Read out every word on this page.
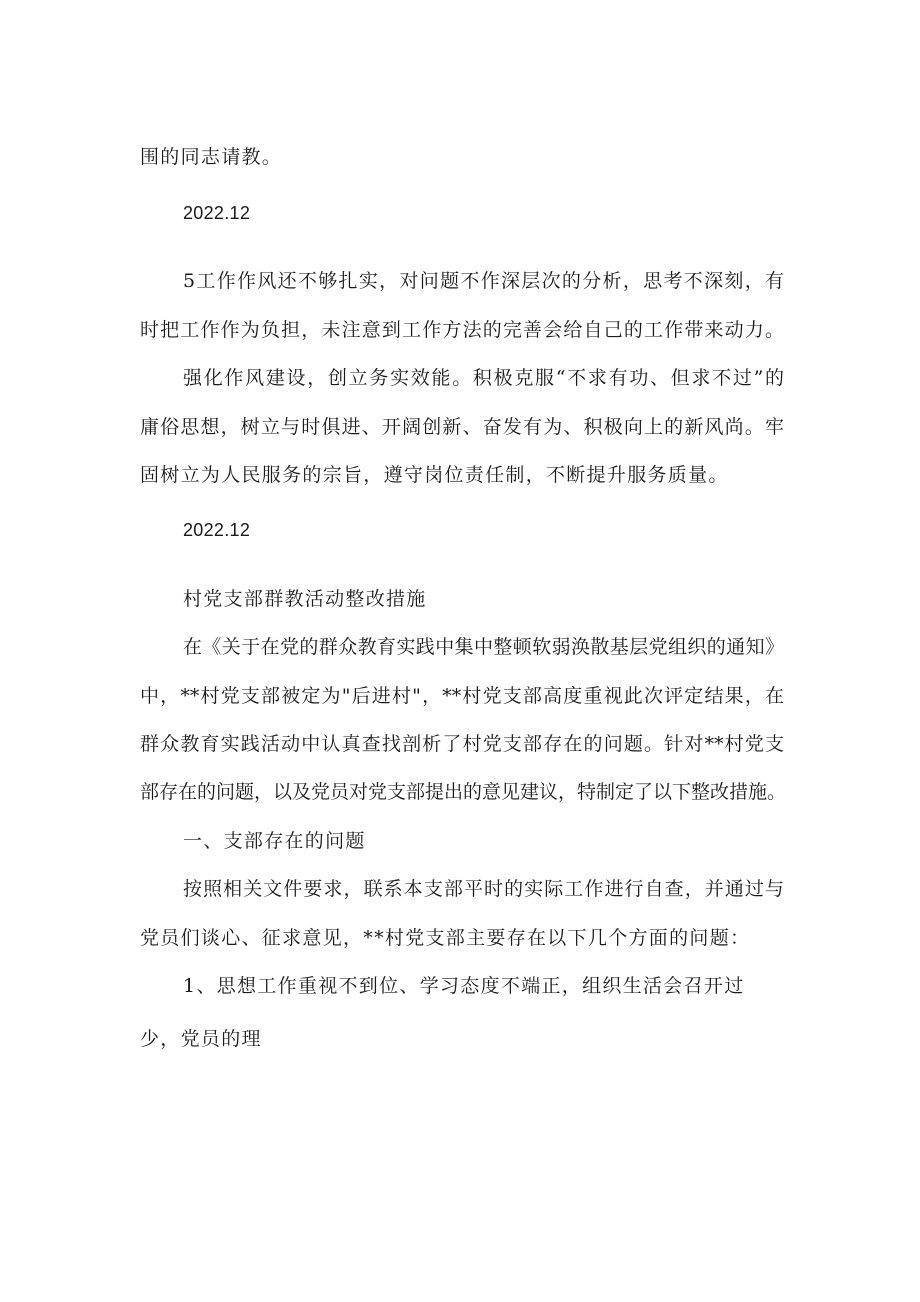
围的同志请教。
2022.12
5工作作风还不够扎实，对问题不作深层次的分析，思考不深刻，有
时把工作作为负担，未注意到工作方法的完善会给自己的工作带来动力。
强化作风建设，创立务实效能。积极克服“不求有功、但求不过”的
庸俗思想，树立与时俱进、开阔创新、奋发有为、积极向上的新风尚。牢
固树立为人民服务的宗旨，遵守岗位责任制，不断提升服务质量。
2022.12
村党支部群教活动整改措施
在《关于在党的群众教育实践中集中整顿软弱涣散基层党组织的通知》
中，**村党支部被定为"后进村"，**村党支部高度重视此次评定结果，在
群众教育实践活动中认真查找剖析了村党支部存在的问题。针对**村党支
部存在的问题，以及党员对党支部提出的意见建议，特制定了以下整改措施。
一、支部存在的问题
按照相关文件要求，联系本支部平时的实际工作进行自查，并通过与
党员们谈心、征求意见，**村党支部主要存在以下几个方面的问题：
1、思想工作重视不到位、学习态度不端正，组织生活会召开过
少，党员的理
